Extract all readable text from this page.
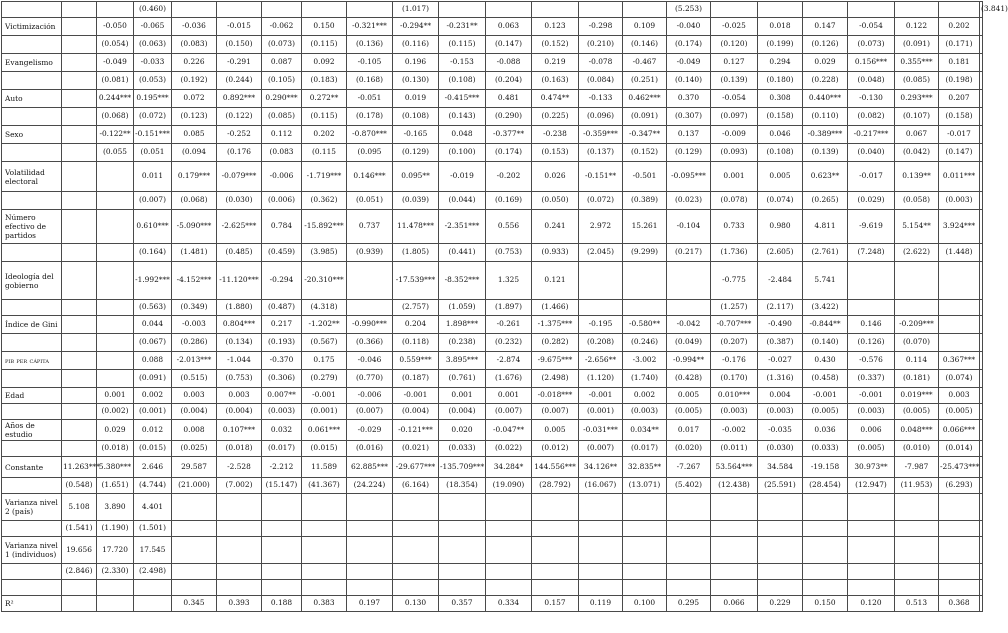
			(0.460)						(1.017)						(5.253)							(3.841)
Victimización		-0.050	-0.065	-0.036	-0.015	-0.062	0.150	-0.321***	-0.294**	-0.231**	0.063	0.123	-0.298	0.109	-0.040	-0.025	0.018	0.147	-0.054	0.122	0.202	
		(0.054)	(0.063)	(0.083)	(0.150)	(0.073)	(0.115)	(0.136)	(0.116)	(0.115)	(0.147)	(0.152)	(0.210)	(0.146)	(0.174)	(0.120)	(0.199)	(0.126)	(0.073)	(0.091)	(0.171)	
Evangelismo		-0.049	-0.033	0.226	-0.291	0.087	0.092	-0.105	0.196	-0.153	-0.088	0.219	-0.078	-0.467	-0.049	0.127	0.294	0.029	0.156***	0.355***	0.181	
		(0.081)	(0.053)	(0.192)	(0.244)	(0.105)	(0.183)	(0.168)	(0.130)	(0.108)	(0.204)	(0.163)	(0.084)	(0.251)	(0.140)	(0.139)	(0.180)	(0.228)	(0.048)	(0.085)	(0.198)	
Auto		0.244***	0.195***	0.072	0.892***	0.290***	0.272**	-0.051	0.019	-0.415***	0.481	0.474**	-0.133	0.462***	0.370	-0.054	0.308	0.440***	-0.130	0.293***	0.207	
		(0.068)	(0.072)	(0.123)	(0.122)	(0.085)	(0.115)	(0.178)	(0.108)	(0.143)	(0.290)	(0.225)	(0.096)	(0.091)	(0.307)	(0.097)	(0.158)	(0.110)	(0.082)	(0.107)	(0.158)	
Sexo		-0.122**	-0.151***	0.085	-0.252	0.112	0.202	-0.870***	-0.165	0.048	-0.377**	-0.238	-0.359***	-0.347**	0.137	-0.009	0.046	-0.389***	-0.217***	0.067	-0.017	
		(0.055	(0.051	(0.094	(0.176	(0.083	(0.115	(0.095	(0.129)	(0.100)	(0.174)	(0.153)	(0.137)	(0.152)	(0.129)	(0.093)	(0.108)	(0.139)	(0.040)	(0.042)	(0.147)	
Volatilidad electoral			0.011	0.179***	-0.079***	-0.006	-1.719***	0.146***	0.095**	-0.019	-0.202	0.026	-0.151**	-0.501	-0.095***	0.001	0.005	0.623**	-0.017	0.139**	0.011***	
			(0.007)	(0.068)	(0.030)	(0.006)	(0.362)	(0.051)	(0.039)	(0.044)	(0.169)	(0.050)	(0.072)	(0.389)	(0.023)	(0.078)	(0.074)	(0.265)	(0.029)	(0.058)	(0.003)	
Número efectivo de partidos			0.610***	-5.090***	-2.625***	0.784	-15.892***	0.737	11.478***	-2.351***	0.556	0.241	2.972	15.261	-0.104	0.733	0.980	4.811	-9.619	5.154**	3.924***	
			(0.164)	(1.481)	(0.485)	(0.459)	(3.985)	(0.939)	(1.805)	(0.441)	(0.753)	(0.933)	(2.045)	(9.299)	(0.217)	(1.736)	(2.605)	(2.761)	(7.248)	(2.622)	(1.448)	
Ideología del gobierno			-1.992***	-4.152***	-11.120***	-0.294	-20.310***		-17.539***	-8.352***	1.325	0.121				-0.775	-2.484	5.741				
			(0.563)	(0.349)	(1.880)	(0.487)	(4.318)		(2.757)	(1.059)	(1.897)	(1.466)				(1.257)	(2.117)	(3.422)				
Índice de Gini			0.044	-0.003	0.804***	0.217	-1.202**	-0.990***	0.204	1.898***	-0.261	-1.375***	-0.195	-0.580**	-0.042	-0.707***	-0.490	-0.844**	0.146	-0.209***		
			(0.067)	(0.286)	(0.134)	(0.193)	(0.567)	(0.366)	(0.118)	(0.238)	(0.232)	(0.282)	(0.208)	(0.246)	(0.049)	(0.207)	(0.387)	(0.140)	(0.126)	(0.070)		
pib per cápita			0.088	-2.013***	-1.044	-0.370	0.175	-0.046	0.559***	3.895***	-2.874	-9.675***	-2.656**	-3.002	-0.994**	-0.176	-0.027	0.430	-0.576	0.114	0.367***	
			(0.091)	(0.515)	(0.753)	(0.306)	(0.279)	(0.770)	(0.187)	(0.761)	(1.676)	(2.498)	(1.120)	(1.740)	(0.428)	(0.170)	(1.316)	(0.458)	(0.337)	(0.181)	(0.074)	
Edad		0.001	0.002	0.003	0.003	0.007**	-0.001	-0.006	-0.001	0.001	0.001	-0.018***	-0.001	0.002	0.005	0.010***	0.004	-0.001	-0.001	0.019***	0.003	
		(0.002)	(0.001)	(0.004)	(0.004)	(0.003)	(0.001)	(0.007)	(0.004)	(0.004)	(0.007)	(0.007)	(0.001)	(0.003)	(0.005)	(0.003)	(0.003)	(0.005)	(0.003)	(0.005)	(0.005)	
Años de estudio		0.029	0.012	0.008	0.107***	0.032	0.061***	-0.029	-0.121***	0.020	-0.047**	0.005	-0.031***	0.034**	0.017	-0.002	-0.035	0.036	0.006	0.048***	0.066***	
		(0.018)	(0.015)	(0.025)	(0.018)	(0.017)	(0.015)	(0.016)	(0.021)	(0.033)	(0.022)	(0.012)	(0.007)	(0.017)	(0.020)	(0.011)	(0.030)	(0.033)	(0.005)	(0.010)	(0.014)	
Constante	11.263***	5.380***	2.646	29.587	-2.528	-2.212	11.589	62.885***	-29.677***	-135.709***	34.284*	144.556***	34.126**	32.835**	-7.267	53.564***	34.584	-19.158	30.973**	-7.987	-25.473***	
	(0.548)	(1.651)	(4.744)	(21.000)	(7.002)	(15.147)	(41.367)	(24.224)	(6.164)	(18.354)	(19.090)	(28.792)	(16.067)	(13.071)	(5.402)	(12.438)	(25.591)	(28.454)	(12.947)	(11.953)	(6.293)	
Varianza nivel 2 (país)	5.108	3.890	4.401																			
	(1.541)	(1.190)	(1.501)																			
Varianza nivel 1 (individuos)	19.656	17.720	17.545																			
	(2.846)	(2.330)	(2.498)																			

R²				0.345	0.393	0.188	0.383	0.197	0.130	0.357	0.334	0.157	0.119	0.100	0.295	0.066	0.229	0.150	0.120	0.513	0.368	
